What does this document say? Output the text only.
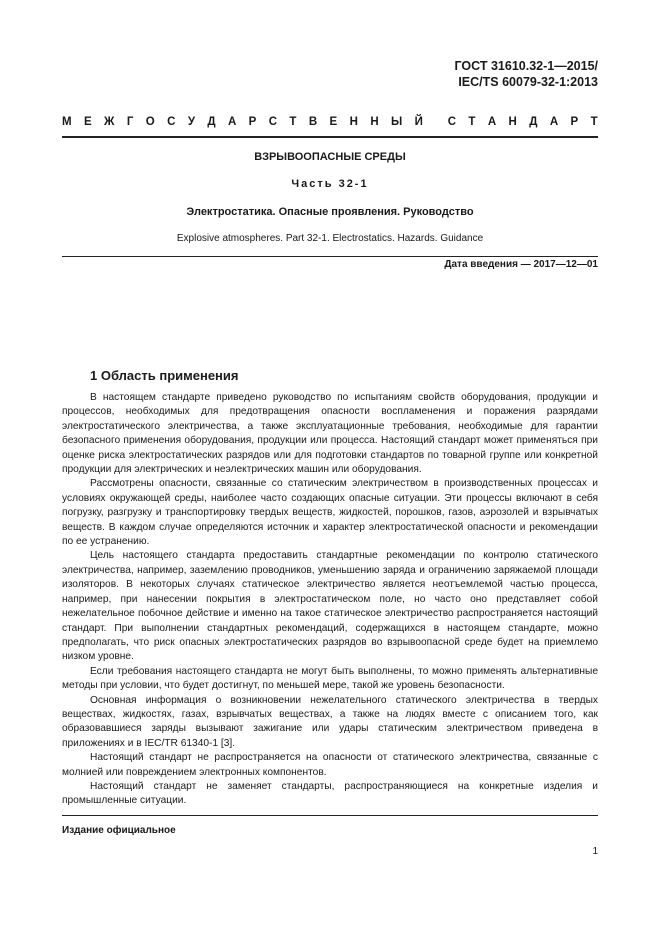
ГОСТ 31610.32-1—2015/
IEC/TS 60079-32-1:2013
М Е Ж Г О С У Д А Р С Т В Е Н Н Ы Й С Т А Н Д А Р Т
ВЗРЫВООПАСНЫЕ СРЕДЫ
Часть 32-1
Электростатика. Опасные проявления. Руководство
Explosive atmospheres. Part 32-1. Electrostatics. Hazards. Guidance
Дата введения — 2017—12—01
1 Область применения

В настоящем стандарте приведено руководство по испытаниям свойств оборудования, продукции и процессов, необходимых для предотвращения опасности воспламенения и поражения разрядами электростатического электричества, а также эксплуатационные требования, необходимые для гарантии безопасного применения оборудования, продукции или процесса. Настоящий стандарт может применяться при оценке риска электростатических разрядов или для подготовки стандартов по товарной группе или конкретной продукции для электрических и неэлектрических машин или оборудования.

Рассмотрены опасности, связанные со статическим электричеством в производственных процессах и условиях окружающей среды, наиболее часто создающих опасные ситуации. Эти процессы включают в себя погрузку, разгрузку и транспортировку твердых веществ, жидкостей, порошков, газов, аэрозолей и взрывчатых веществ. В каждом случае определяются источник и характер электростатической опасности и рекомендации по ее устранению.

Цель настоящего стандарта предоставить стандартные рекомендации по контролю статического электричества, например, заземлению проводников, уменьшению заряда и ограничению заряжаемой площади изоляторов. В некоторых случаях статическое электричество является неотъемлемой частью процесса, например, при нанесении покрытия в электростатическом поле, но часто оно представляет собой нежелательное побочное действие и именно на такое статическое электричество распространяется настоящий стандарт. При выполнении стандартных рекомендаций, содержащихся в настоящем стандарте, можно предполагать, что риск опасных электростатических разрядов во взрывоопасной среде будет на приемлемо низком уровне.

Если требования настоящего стандарта не могут быть выполнены, то можно применять альтернативные методы при условии, что будет достигнут, по меньшей мере, такой же уровень безопасности.

Основная информация о возникновении нежелательного статического электричества в твердых веществах, жидкостях, газах, взрывчатых веществах, а также на людях вместе с описанием того, как образовавшиеся заряды вызывают зажигание или удары статическим электричеством приведена в приложениях и в IEC/TR 61340-1 [3].

Настоящий стандарт не распространяется на опасности от статического электричества, связанные с молнией или повреждением электронных компонентов.

Настоящий стандарт не заменяет стандарты, распространяющиеся на конкретные изделия и промышленные ситуации.

Издание официальное
1
